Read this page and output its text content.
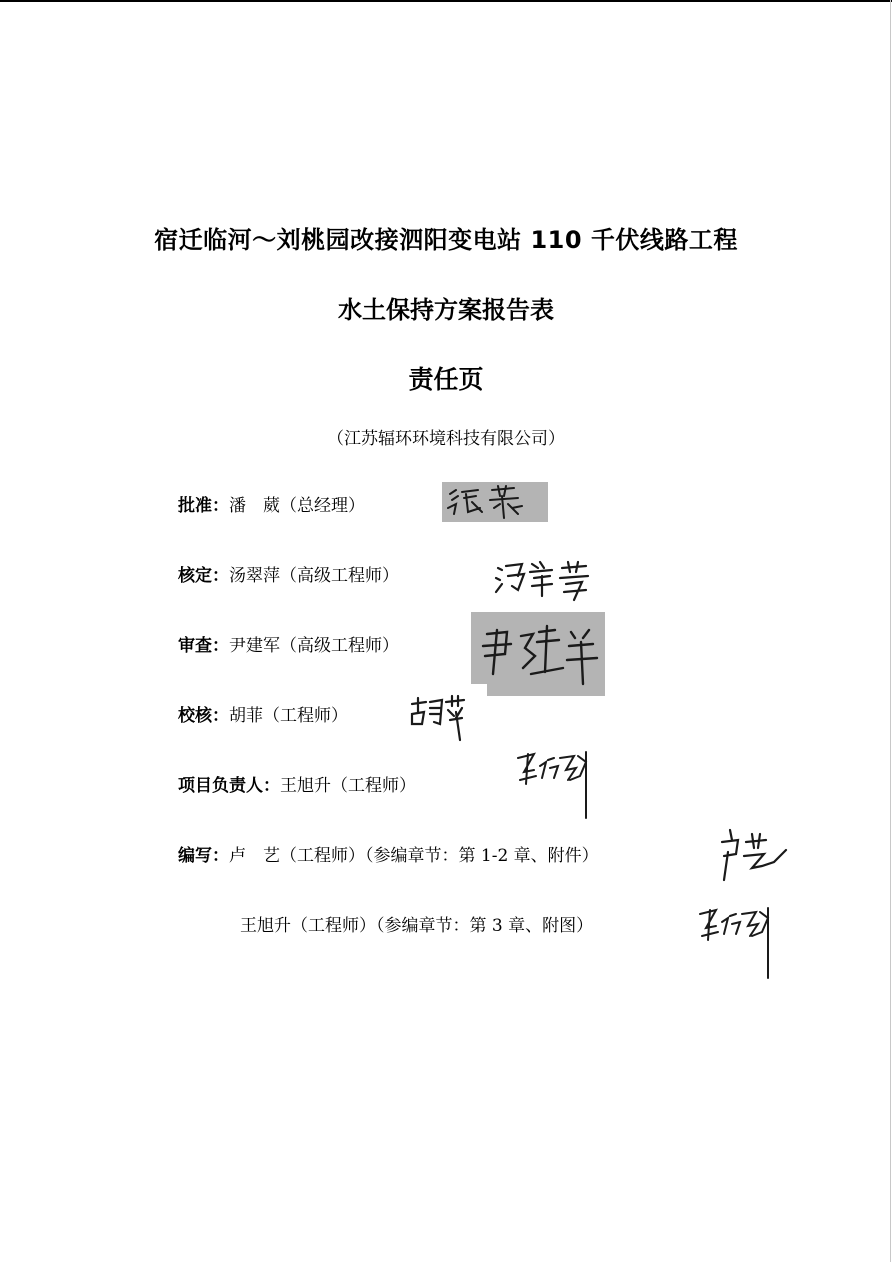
宿迁临河～刘桃园改接泗阳变电站 110 千伏线路工程
水土保持方案报告表
责任页
（江苏辐环环境科技有限公司）
批准：潘　葳（总经理）
核定：汤翠萍（高级工程师）
审查：尹建军（高级工程师）
校核：胡菲（工程师）
项目负责人：王旭升（工程师）
编写：卢　艺（工程师）（参编章节：第 1-2 章、附件）
王旭升（工程师）（参编章节：第 3 章、附图）
